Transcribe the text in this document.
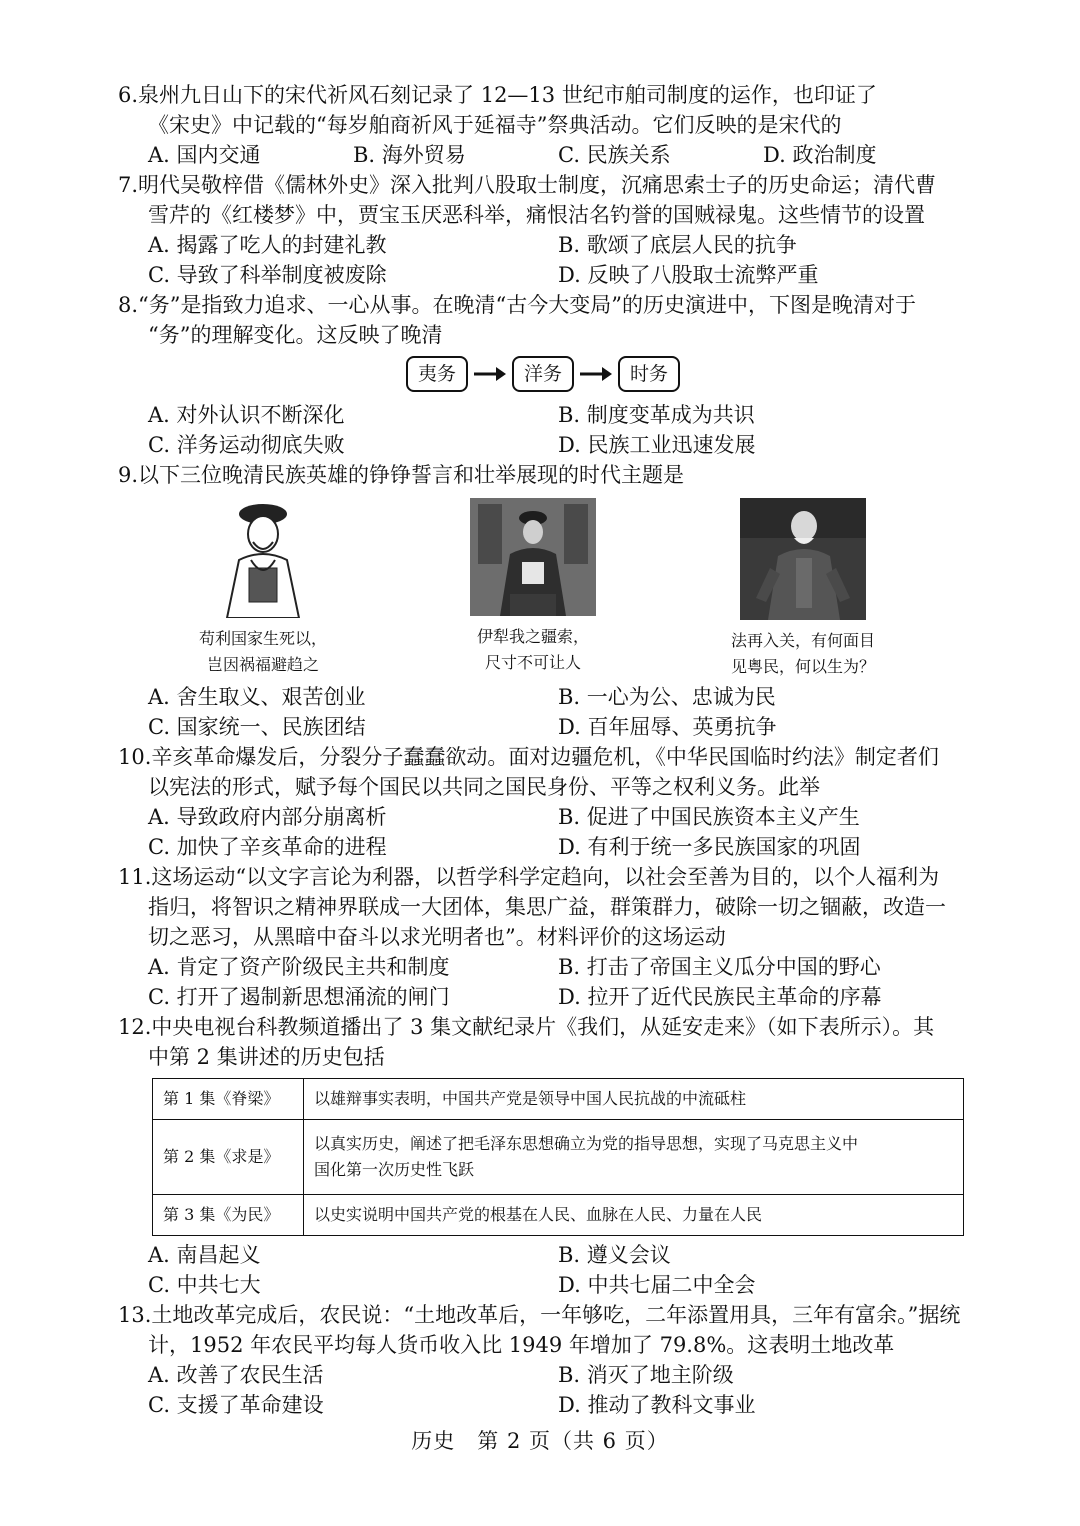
6.泉州九日山下的宋代祈风石刻记录了 12—13 世纪市舶司制度的运作，也印证了
《宋史》中记载的“每岁舶商祈风于延福寺”祭典活动。它们反映的是宋代的
A. 国内交通	B. 海外贸易	C. 民族关系	D. 政治制度
7.明代吴敬梓借《儒林外史》深入批判八股取士制度，沉痛思索士子的历史命运；清代曹
雪芹的《红楼梦》中，贾宝玉厌恶科举，痛恨沽名钓誉的国贼禄鬼。这些情节的设置
A. 揭露了吃人的封建礼教	B. 歌颂了底层人民的抗争
C. 导致了科举制度被废除	D. 反映了八股取士流弊严重
8.“务”是指致力追求、一心从事。在晚清“古今大变局”的历史演进中，下图是晚清对于
“务”的理解变化。这反映了晚清
夷务	洋务	时务
A. 对外认识不断深化	B. 制度变革成为共识
C. 洋务运动彻底失败	D. 民族工业迅速发展
9.以下三位晚清民族英雄的铮铮誓言和壮举展现的时代主题是
苟利国家生死以，
岂因祸福避趋之
伊犁我之疆索，
尺寸不可让人
法再入关，有何面目
见粤民，何以生为？
A. 舍生取义、艰苦创业	B. 一心为公、忠诚为民
C. 国家统一、民族团结	D. 百年屈辱、英勇抗争
10.辛亥革命爆发后，分裂分子蠢蠢欲动。面对边疆危机，《中华民国临时约法》制定者们
以宪法的形式，赋予每个国民以共同之国民身份、平等之权利义务。此举
A. 导致政府内部分崩离析	B. 促进了中国民族资本主义产生
C. 加快了辛亥革命的进程	D. 有利于统一多民族国家的巩固
11.这场运动“以文字言论为利器，以哲学科学定趋向，以社会至善为目的，以个人福利为
指归，将智识之精神界联成一大团体，集思广益，群策群力，破除一切之锢蔽，改造一
切之恶习，从黑暗中奋斗以求光明者也”。材料评价的这场运动
A. 肯定了资产阶级民主共和制度	B. 打击了帝国主义瓜分中国的野心
C. 打开了遏制新思想涌流的闸门	D. 拉开了近代民族民主革命的序幕
12.中央电视台科教频道播出了 3 集文献纪录片《我们，从延安走来》（如下表所示）。其
中第 2 集讲述的历史包括
第 1 集《脊梁》	以雄辩事实表明，中国共产党是领导中国人民抗战的中流砥柱
第 2 集《求是》	以真实历史，阐述了把毛泽东思想确立为党的指导思想，实现了马克思主义中
国化第一次历史性飞跃

第 3 集《为民》	以史实说明中国共产党的根基在人民、血脉在人民、力量在人民
A. 南昌起义	B. 遵义会议
C. 中共七大	D. 中共七届二中全会
13.土地改革完成后，农民说：“土地改革后，一年够吃，二年添置用具，三年有富余。”据统
计，1952 年农民平均每人货币收入比 1949 年增加了 79.8%。这表明土地改革
A. 改善了农民生活	B. 消灭了地主阶级
C. 支援了革命建设	D. 推动了教科文事业
历史　第 2 页（共 6 页）
